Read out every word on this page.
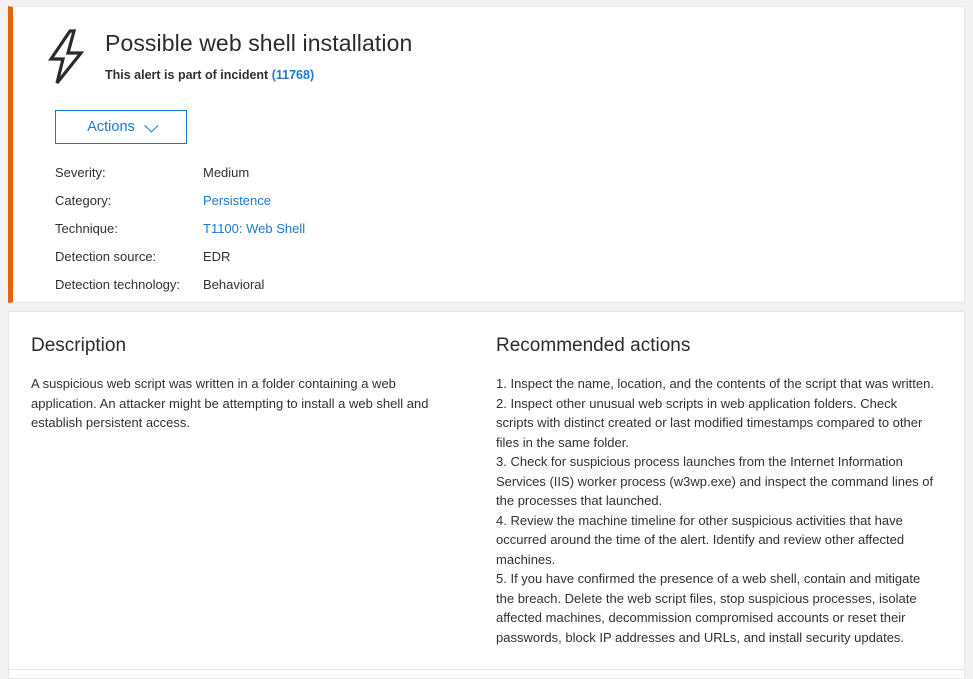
Possible web shell installation
This alert is part of incident (11768)
Actions
Severity:	Medium
Category:	Persistence
Technique:	T1100: Web Shell
Detection source:	EDR
Detection technology:	Behavioral
Description
A suspicious web script was written in a folder containing a web application. An attacker might be attempting to install a web shell and establish persistent access.
Recommended actions

1. Inspect the name, location, and the contents of the script that was written.

2. Inspect other unusual web scripts in web application folders. Check scripts with distinct created or last modified timestamps compared to other files in the same folder.

3. Check for suspicious process launches from the Internet Information Services (IIS) worker process (w3wp.exe) and inspect the command lines of the processes that launched.

4. Review the machine timeline for other suspicious activities that have occurred around the time of the alert. Identify and review other affected machines.

5. If you have confirmed the presence of a web shell, contain and mitigate the breach. Delete the web script files, stop suspicious processes, isolate affected machines, decommission compromised accounts or reset their passwords, block IP addresses and URLs, and install security updates.
